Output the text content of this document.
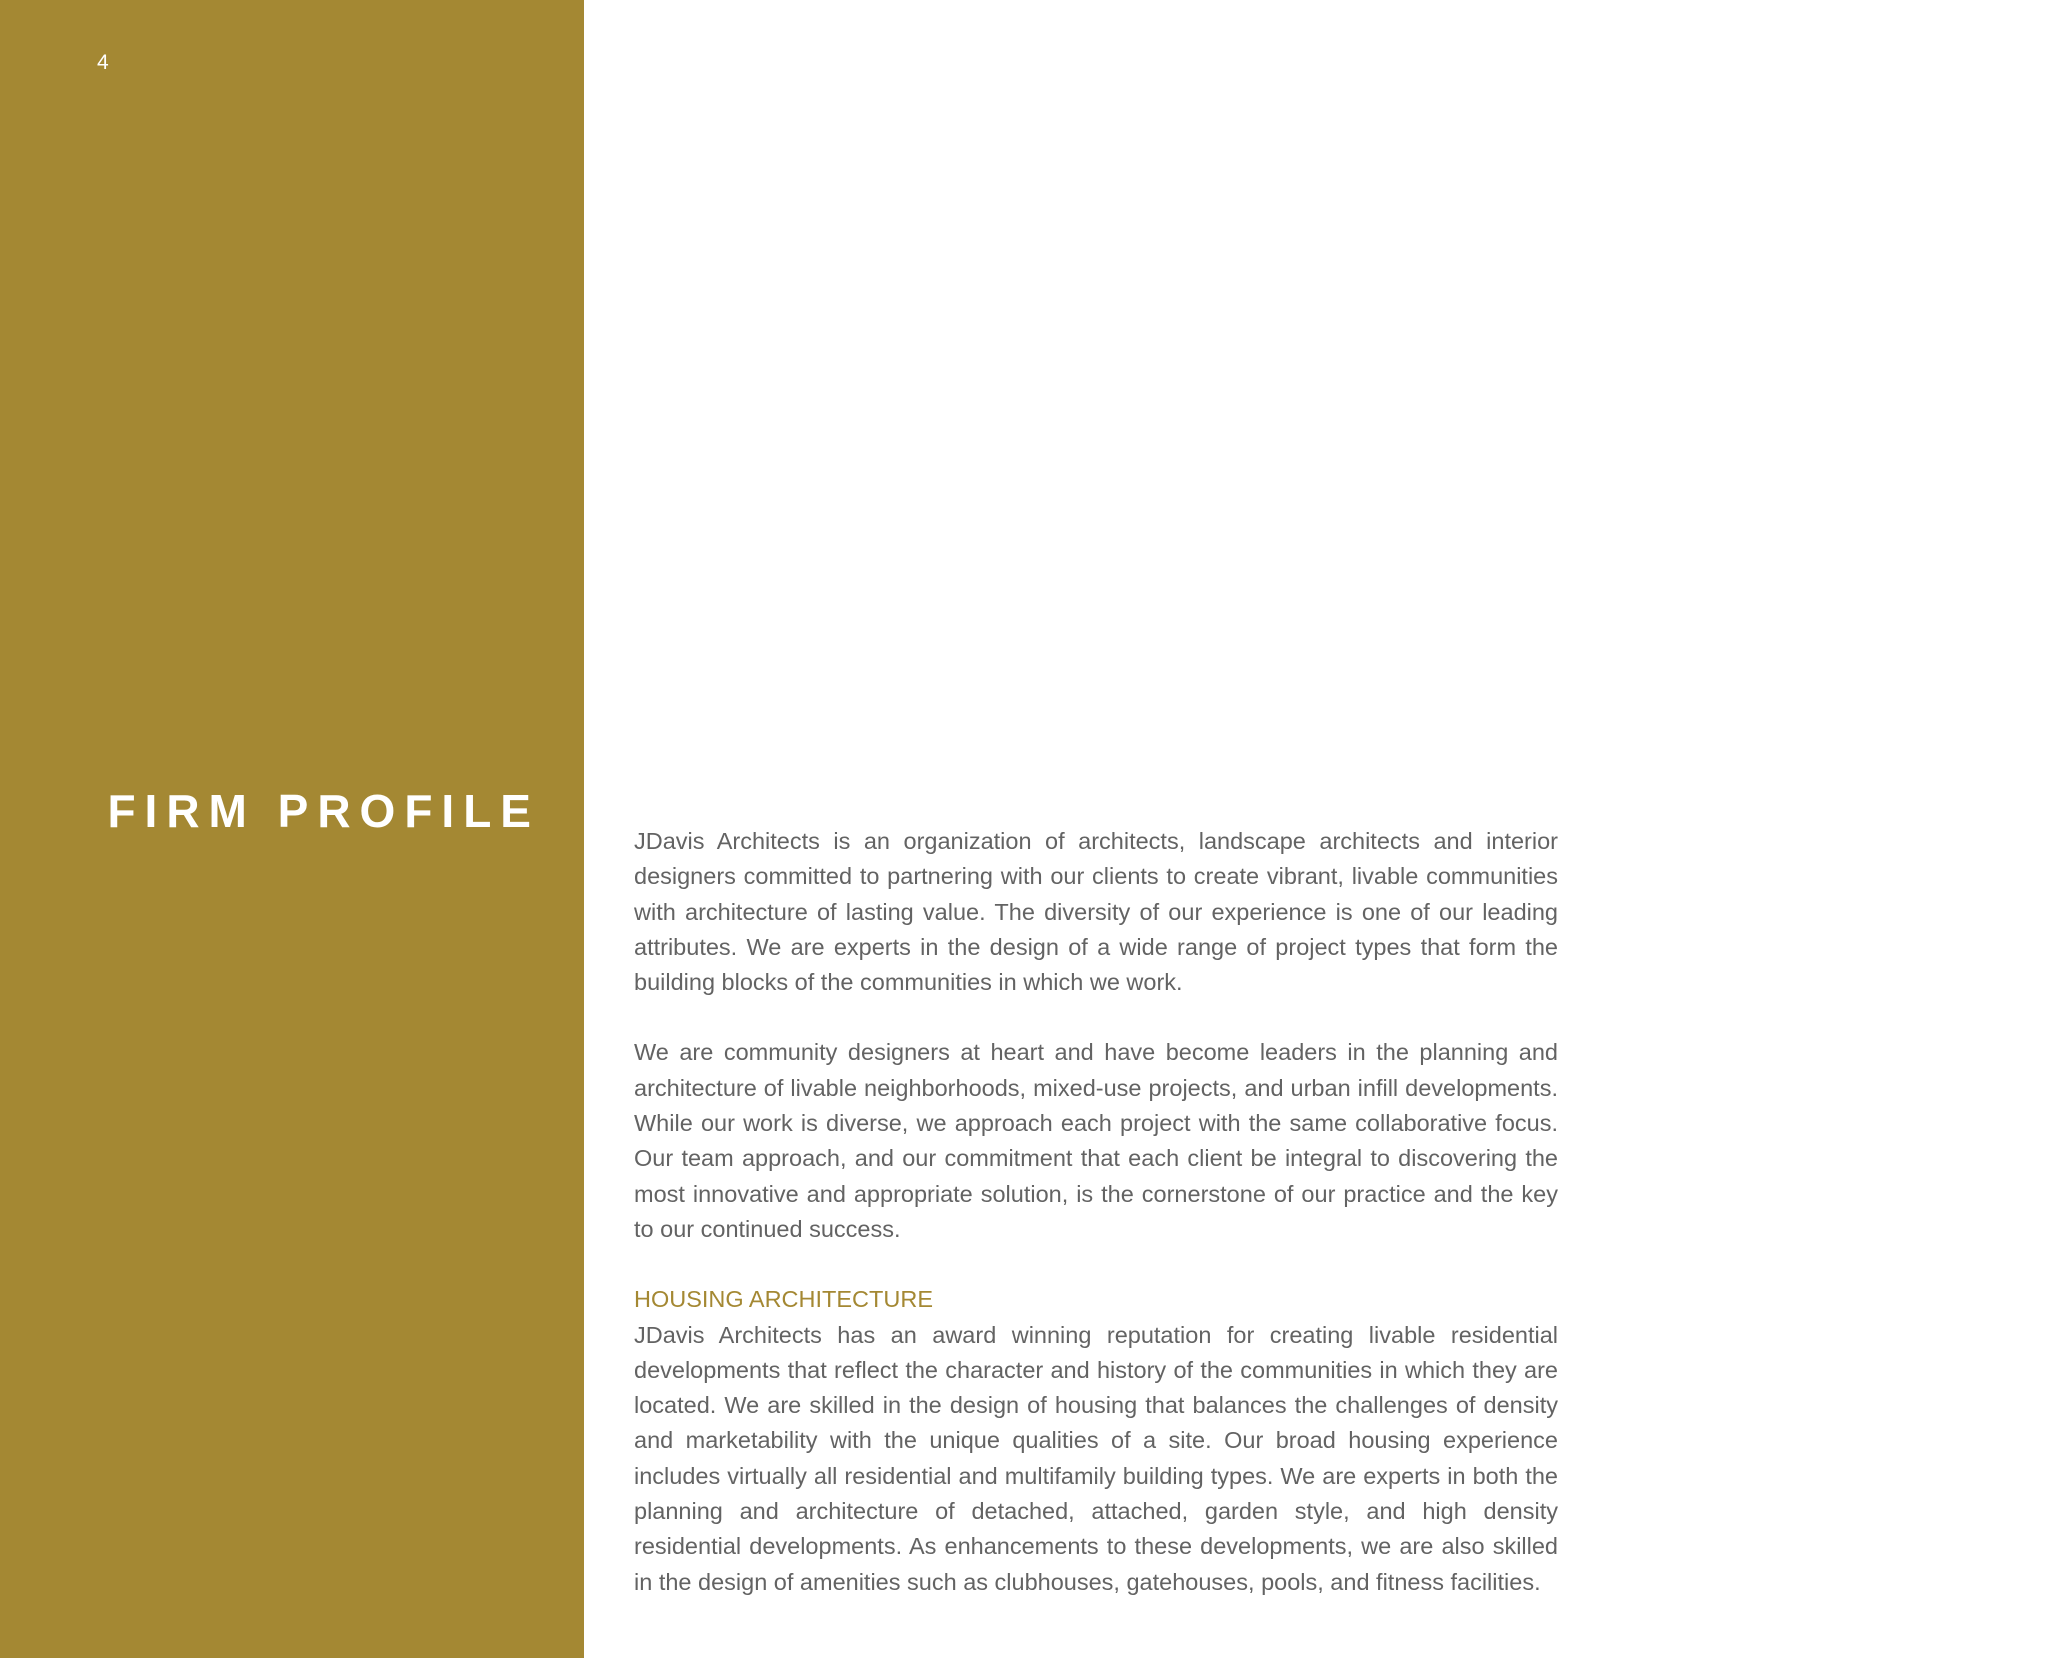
4
FIRM PROFILE

JDavis Architects is an organization of architects, landscape architects and interior designers committed to partnering with our clients to create vibrant, livable communities with architecture of lasting value. The diversity of our experience is one of our leading attributes. We are experts in the design of a wide range of project types that form the building blocks of the communities in which we work.

We are community designers at heart and have become leaders in the planning and architecture of livable neighborhoods, mixed-use projects, and urban infill developments. While our work is diverse, we approach each project with the same collaborative focus. Our team approach, and our commitment that each client be integral to discovering the most innovative and appropriate solution, is the cornerstone of our practice and the key to our continued success.

HOUSING ARCHITECTURE

JDavis Architects has an award winning reputation for creating livable residential developments that reflect the character and history of the communities in which they are located. We are skilled in the design of housing that balances the challenges of density and marketability with the unique qualities of a site. Our broad housing experience includes virtually all residential and multifamily building types. We are experts in both the planning and architecture of detached, attached, garden style, and high density residential developments. As enhancements to these developments, we are also skilled in the design of amenities such as clubhouses, gatehouses, pools, and fitness facilities.
